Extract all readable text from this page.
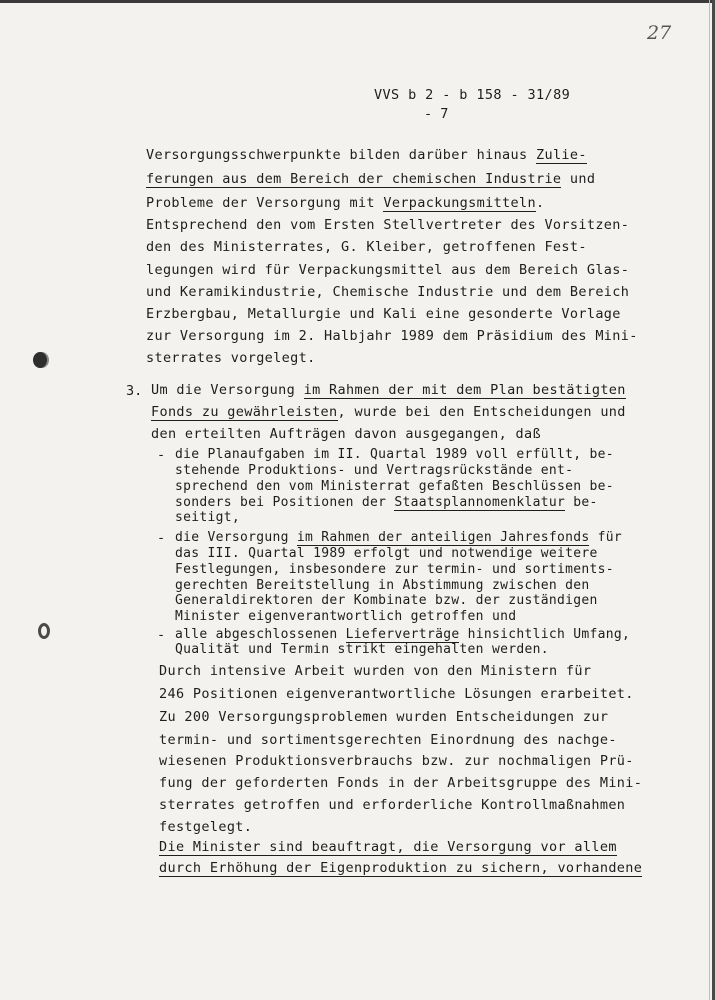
27
VVS b 2 - b 158 - 31/89
- 7
Versorgungsschwerpunkte bilden darüber hinaus Zulie-
ferungen aus dem Bereich der chemischen Industrie und
Probleme der Versorgung mit Verpackungsmitteln.
Entsprechend den vom Ersten Stellvertreter des Vorsitzen-
den des Ministerrates, G. Kleiber, getroffenen Fest-
legungen wird für Verpackungsmittel aus dem Bereich Glas-
und Keramikindustrie, Chemische Industrie und dem Bereich
Erzbergbau, Metallurgie und Kali eine gesonderte Vorlage
zur Versorgung im 2. Halbjahr 1989 dem Präsidium des Mini-
sterrates vorgelegt.
3. Um die Versorgung im Rahmen der mit dem Plan bestätigten
Fonds zu gewährleisten, wurde bei den Entscheidungen und
den erteilten Aufträgen davon ausgegangen, daß
- die Planaufgaben im II. Quartal 1989 voll erfüllt, be-
stehende Produktions- und Vertragsrückstände ent-
sprechend den vom Ministerrat gefaßten Beschlüssen be-
sonders bei Positionen der Staatsplannomenklatur be-
seitigt,
- die Versorgung im Rahmen der anteiligen Jahresfonds für
das III. Quartal 1989 erfolgt und notwendige weitere
Festlegungen, insbesondere zur termin- und sortiments-
gerechten Bereitstellung in Abstimmung zwischen den
Generaldirektoren der Kombinate bzw. der zuständigen
Minister eigenverantwortlich getroffen und
- alle abgeschlossenen Lieferverträge hinsichtlich Umfang,
Qualität und Termin strikt eingehalten werden.
Durch intensive Arbeit wurden von den Ministern für
246 Positionen eigenverantwortliche Lösungen erarbeitet.
Zu 200 Versorgungsproblemen wurden Entscheidungen zur
termin- und sortimentsgerechten Einordnung des nachge-
wiesenen Produktionsverbrauchs bzw. zur nochmaligen Prü-
fung der geforderten Fonds in der Arbeitsgruppe des Mini-
sterrates getroffen und erforderliche Kontrollmaßnahmen
festgelegt.
Die Minister sind beauftragt, die Versorgung vor allem
durch Erhöhung der Eigenproduktion zu sichern, vorhandene
